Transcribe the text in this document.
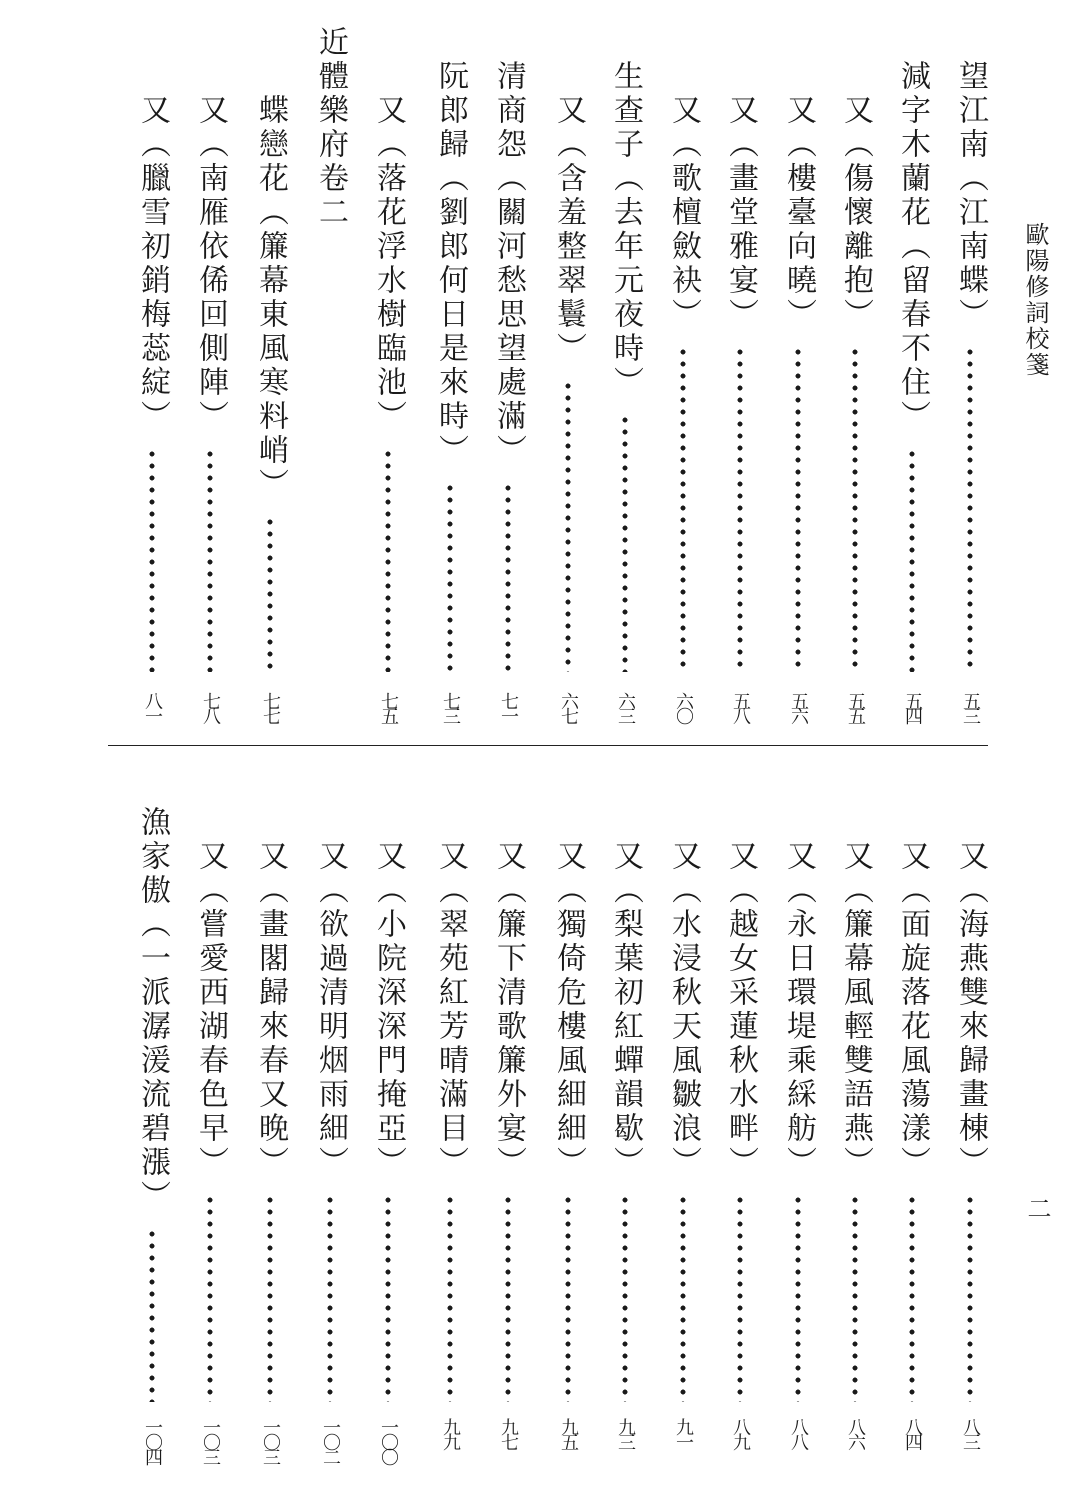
歐陽修詞校箋
二
望江南（江南蝶）
五三
減字木蘭花（留春不住）
五四
又（傷懷離抱）
五五
又（樓臺向曉）
五六
又（畫堂雅宴）
五八
又（歌檀斂袂）
六〇
生查子（去年元夜時）
六三
又（含羞整翠鬟）
六七
清商怨（關河愁思望處滿）
七一
阮郎歸（劉郎何日是來時）
七三
又（落花浮水樹臨池）
七五
蝶戀花（簾幕東風寒料峭）
七七
又（南雁依俙回側陣）
七八
又（臘雪初銷梅蕊綻）
八一
近體樂府卷二
又（海燕雙來歸畫棟）
八三
又（面旋落花風蕩漾）
八四
又（簾幕風輕雙語燕）
八六
又（永日環堤乘綵舫）
八八
又（越女采蓮秋水畔）
八九
又（水浸秋天風皺浪）
九一
又（梨葉初紅蟬韻歇）
九三
又（獨倚危樓風細細）
九五
又（簾下清歌簾外宴）
九七
又（翠苑紅芳晴滿目）
九九
又（小院深深門掩亞）
一〇〇
又（欲過清明烟雨細）
一〇二
又（畫閣歸來春又晚）
一〇三
又（嘗愛西湖春色早）
一〇三
漁家傲（一派潺湲流碧漲）
一〇四
